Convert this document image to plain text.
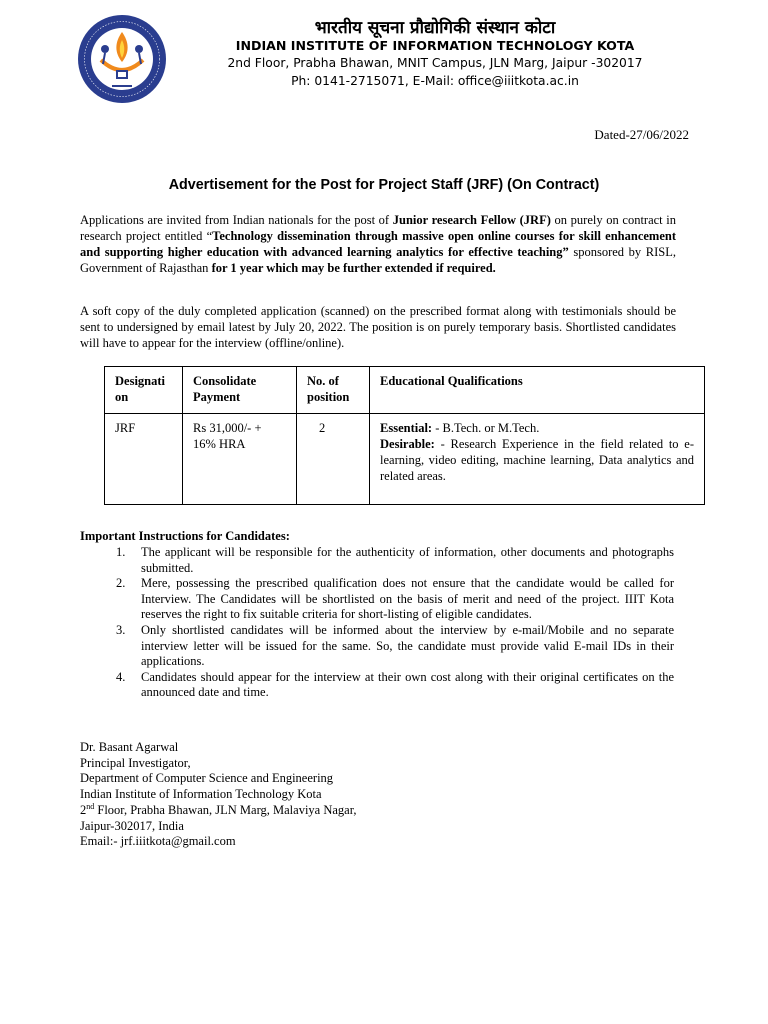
भारतीय सूचना प्रौद्योगिकी संस्थान कोटा
INDIAN INSTITUTE OF INFORMATION TECHNOLOGY KOTA
2nd Floor, Prabha Bhawan, MNIT Campus, JLN Marg, Jaipur -302017
Ph: 0141-2715071, E-Mail: office@iiitkota.ac.in
Dated-27/06/2022
Advertisement for the Post for Project Staff (JRF) (On Contract)

Applications are invited from Indian nationals for the post of Junior research Fellow (JRF) on purely on contract in research project entitled “Technology dissemination through massive open online courses for skill enhancement and supporting higher education with advanced learning analytics for effective teaching” sponsored by RISL, Government of Rajasthan for 1 year which may be further extended if required.

A soft copy of the duly completed application (scanned) on the prescribed format along with testimonials should be sent to undersigned by email latest by July 20, 2022. The position is on purely temporary basis. Shortlisted candidates will have to appear for the interview (offline/online).

Designati on	Consolidate Payment	No. of position	Educational Qualifications
JRF	Rs 31,000/- + 16% HRA	2	Essential: - B.Tech. or M.Tech.
Desirable: - Research Experience in the field related to e-learning, video editing, machine learning, Data analytics and related areas.
Important Instructions for Candidates:
1. The applicant will be responsible for the authenticity of information, other documents and photographs submitted.
2. Mere, possessing the prescribed qualification does not ensure that the candidate would be called for Interview. The Candidates will be shortlisted on the basis of merit and need of the project. IIIT Kota reserves the right to fix suitable criteria for short-listing of eligible candidates.
3. Only shortlisted candidates will be informed about the interview by e-mail/Mobile and no separate interview letter will be issued for the same. So, the candidate must provide valid E-mail IDs in their applications.
4. Candidates should appear for the interview at their own cost along with their original certificates on the announced date and time.
Dr. Basant Agarwal
Principal Investigator,
Department of Computer Science and Engineering
Indian Institute of Information Technology Kota
2nd Floor, Prabha Bhawan, JLN Marg, Malaviya Nagar,
Jaipur-302017, India
Email:- jrf.iiitkota@gmail.com
